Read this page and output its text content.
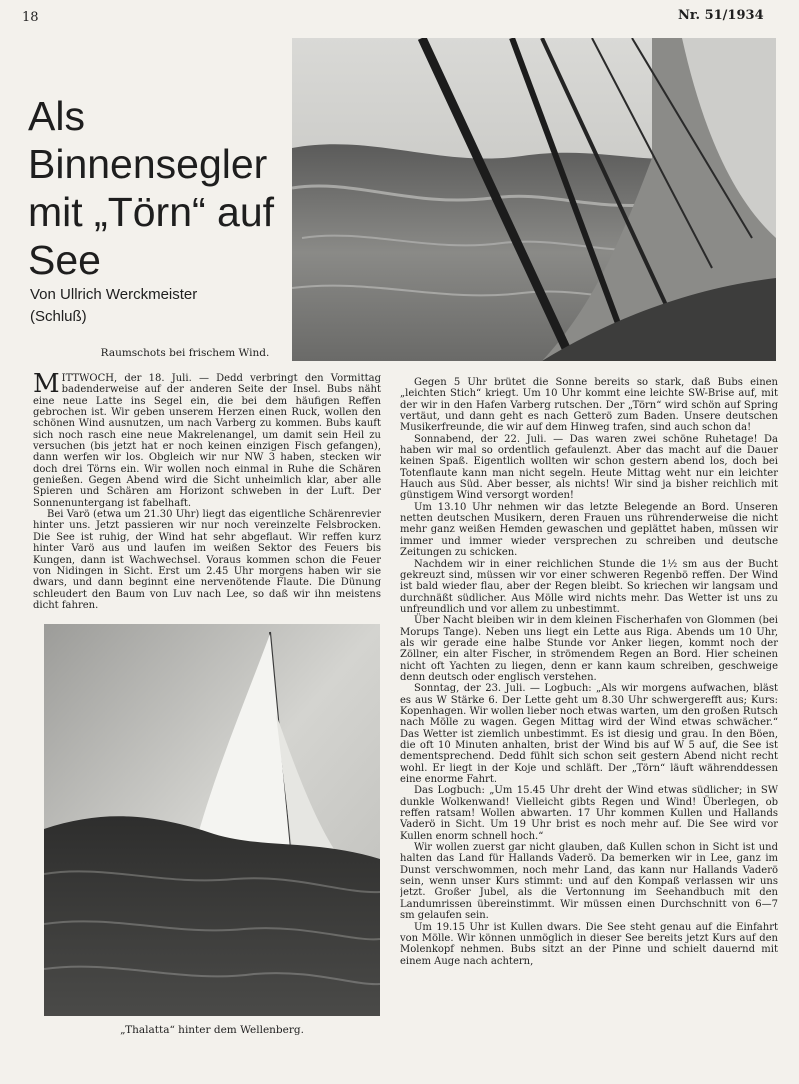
18	Nr. 51/1934
Als Binnensegler mit „Törn“ auf See
Von Ullrich Werckmeister
(Schluß)
Raumschots bei frischem Wind.

MITTWOCH, der 18. Juli. — Dedd verbringt den Vormittag badenderweise auf der anderen Seite der Insel. Bubs näht eine neue Latte ins Segel ein, die bei dem häufigen Reffen gebrochen ist. Wir geben unserem Herzen einen Ruck, wollen den schönen Wind ausnutzen, um nach Varberg zu kommen. Bubs kauft sich noch rasch eine neue Makrelenangel, um damit sein Heil zu versuchen (bis jetzt hat er noch keinen einzigen Fisch gefangen), dann werfen wir los. Obgleich wir nur NW 3 haben, stecken wir doch drei Törns ein. Wir wollen noch einmal in Ruhe die Schären genießen. Gegen Abend wird die Sicht unheimlich klar, aber alle Spieren und Schären am Horizont schweben in der Luft. Der Sonnenuntergang ist fabelhaft.

Bei Varö (etwa um 21.30 Uhr) liegt das eigentliche Schärenrevier hinter uns. Jetzt passieren wir nur noch vereinzelte Felsbrocken. Die See ist ruhig, der Wind hat sehr abgeflaut. Wir reffen kurz hinter Varö aus und laufen im weißen Sektor des Feuers bis Kungen, dann ist Wachwechsel. Voraus kommen schon die Feuer von Nidingen in Sicht. Erst um 2.45 Uhr morgens haben wir sie dwars, und dann beginnt eine nervenötende Flaute. Die Dünung schleudert den Baum von Luv nach Lee, so daß wir ihn meistens dicht fahren.

„Thalatta“ hinter dem Wellenberg.

Gegen 5 Uhr brütet die Sonne bereits so stark, daß Bubs einen „leichten Stich“ kriegt. Um 10 Uhr kommt eine leichte SW-Brise auf, mit der wir in den Hafen Varberg rutschen. Der „Törn“ wird schön auf Spring vertäut, und dann geht es nach Getterö zum Baden. Unsere deutschen Musikerfreunde, die wir auf dem Hinweg trafen, sind auch schon da!

Sonnabend, der 22. Juli. — Das waren zwei schöne Ruhetage! Da haben wir mal so ordentlich gefaulenzt. Aber das macht auf die Dauer keinen Spaß. Eigentlich wollten wir schon gestern abend los, doch bei Totenflaute kann man nicht segeln. Heute Mittag weht nur ein leichter Hauch aus Süd. Aber besser, als nichts! Wir sind ja bisher reichlich mit günstigem Wind versorgt worden!

Um 13.10 Uhr nehmen wir das letzte Belegende an Bord. Unseren netten deutschen Musikern, deren Frauen uns rührenderweise die nicht mehr ganz weißen Hemden gewaschen und geplättet haben, müssen wir immer und immer wieder versprechen zu schreiben und deutsche Zeitungen zu schicken.

Nachdem wir in einer reichlichen Stunde die 1½ sm aus der Bucht gekreuzt sind, müssen wir vor einer schweren Regenbö reffen. Der Wind ist bald wieder flau, aber der Regen bleibt. So kriechen wir langsam und durchnäßt südlicher. Aus Mölle wird nichts mehr. Das Wetter ist uns zu unfreundlich und vor allem zu unbestimmt.

Über Nacht bleiben wir in dem kleinen Fischerhafen von Glommen (bei Morups Tange). Neben uns liegt ein Lette aus Riga. Abends um 10 Uhr, als wir gerade eine halbe Stunde vor Anker liegen, kommt noch der Zöllner, ein alter Fischer, in strömendem Regen an Bord. Hier scheinen nicht oft Yachten zu liegen, denn er kann kaum schreiben, geschweige denn deutsch oder englisch verstehen.

Sonntag, der 23. Juli. — Logbuch: „Als wir morgens aufwachen, bläst es aus W Stärke 6. Der Lette geht um 8.30 Uhr schwergerefft aus; Kurs: Kopenhagen. Wir wollen lieber noch etwas warten, um den großen Rutsch nach Mölle zu wagen. Gegen Mittag wird der Wind etwas schwächer.“ Das Wetter ist ziemlich unbestimmt. Es ist diesig und grau. In den Böen, die oft 10 Minuten anhalten, brist der Wind bis auf W 5 auf, die See ist dementsprechend. Dedd fühlt sich schon seit gestern Abend nicht recht wohl. Er liegt in der Koje und schläft. Der „Törn“ läuft währenddessen eine enorme Fahrt.

Das Logbuch: „Um 15.45 Uhr dreht der Wind etwas südlicher; in SW dunkle Wolkenwand! Vielleicht gibts Regen und Wind! Überlegen, ob reffen ratsam! Wollen abwarten. 17 Uhr kommen Kullen und Hallands Vaderö in Sicht. Um 19 Uhr brist es noch mehr auf. Die See wird vor Kullen enorm schnell hoch.“

Wir wollen zuerst gar nicht glauben, daß Kullen schon in Sicht ist und halten das Land für Hallands Vaderö. Da bemerken wir in Lee, ganz im Dunst verschwommen, noch mehr Land, das kann nur Hallands Vaderö sein, wenn unser Kurs stimmt: und auf den Kompaß verlassen wir uns jetzt. Großer Jubel, als die Vertonnung im Seehandbuch mit den Landumrissen übereinstimmt. Wir müssen einen Durchschnitt von 6—7 sm gelaufen sein.

Um 19.15 Uhr ist Kullen dwars. Die See steht genau auf die Einfahrt von Mölle. Wir können unmöglich in dieser See bereits jetzt Kurs auf den Molenkopf nehmen. Bubs sitzt an der Pinne und schielt dauernd mit einem Auge nach achtern,
